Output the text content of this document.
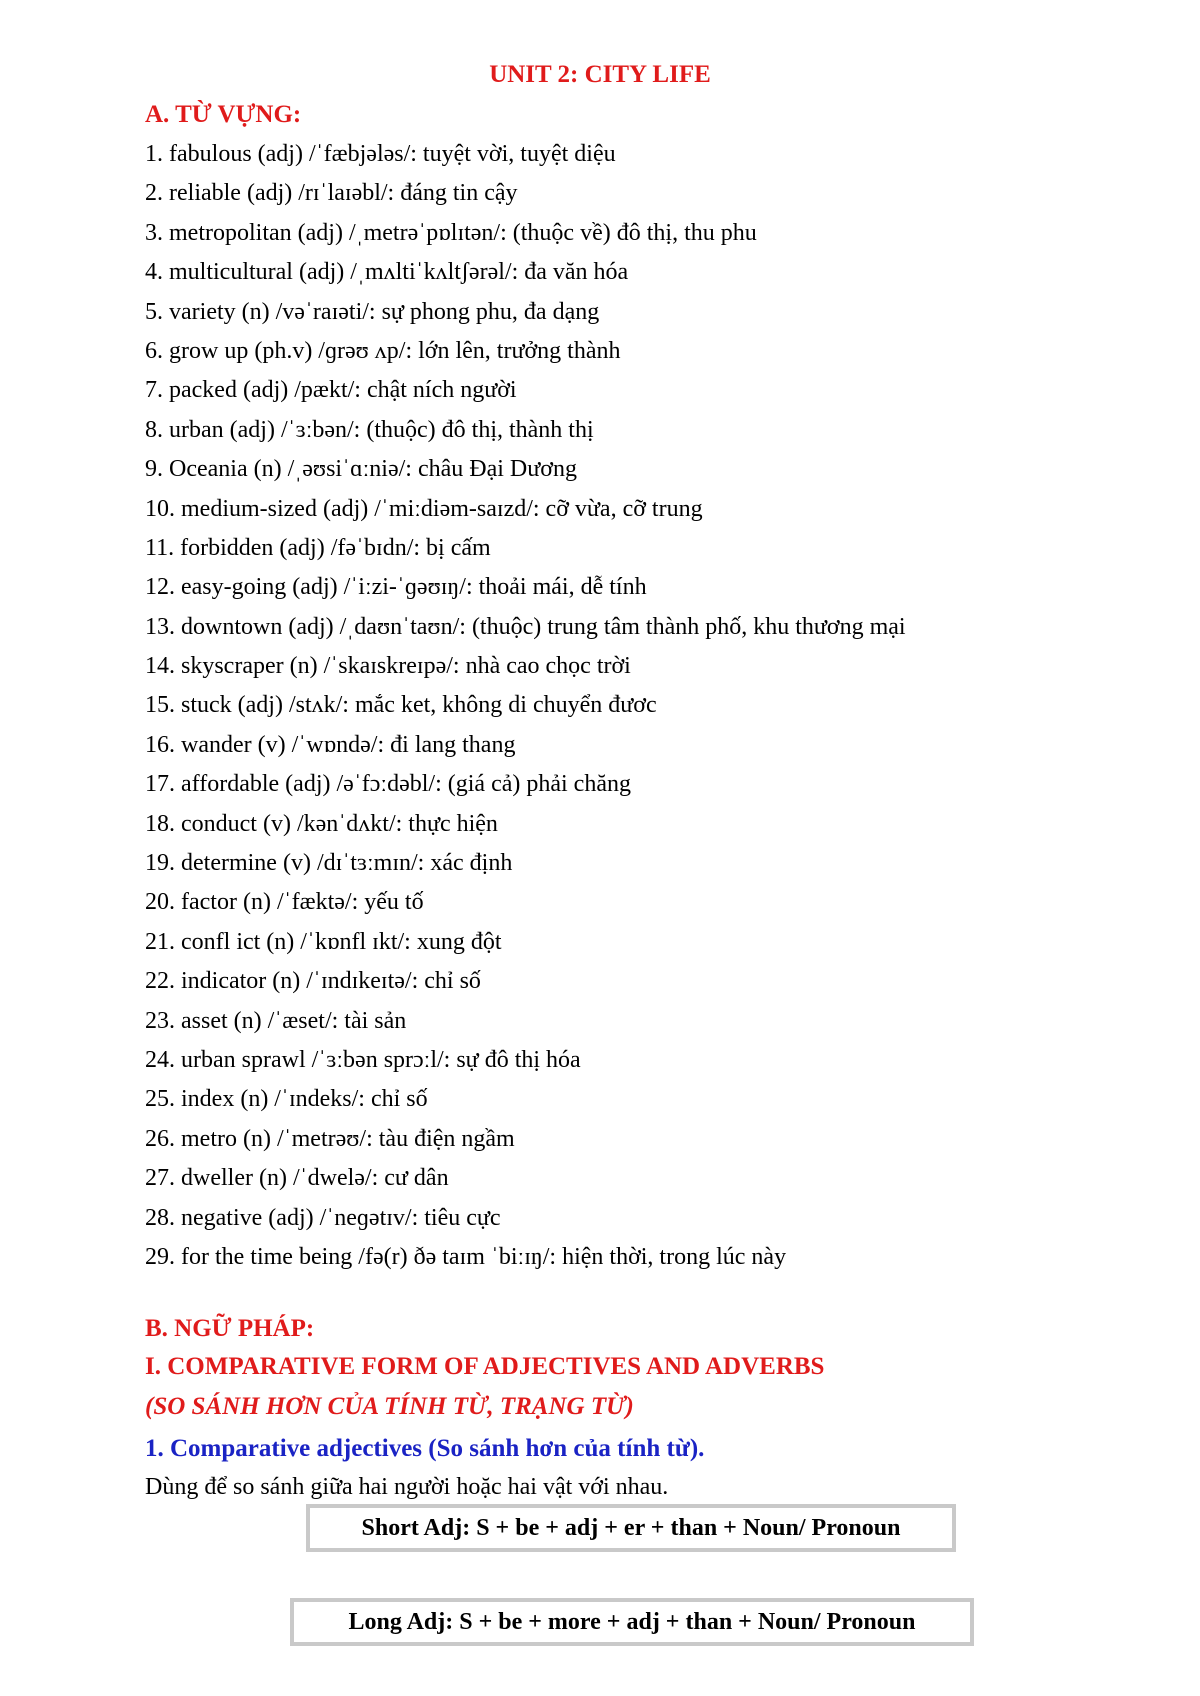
UNIT 2: CITY LIFE
A. TỪ VỰNG:
1. fabulous (adj) /ˈfæbjələs/: tuyệt vời, tuyệt diệu
2. reliable (adj) /rɪˈlaɪəbl/: đáng tin cậy
3. metropolitan (adj) /ˌmetrəˈpɒlɪtən/: (thuộc về) đô thị, thu phu
4. multicultural (adj) /ˌmʌltiˈkʌltʃərəl/: đa văn hóa
5. variety (n) /vəˈraɪəti/: sự phong phu, đa dạng
6. grow up (ph.v) /ɡrəʊ ʌp/: lớn lên, trưởng thành
7. packed (adj) /pækt/: chật ních người
8. urban (adj) /ˈɜːbən/: (thuộc) đô thị, thành thị
9. Oceania (n) /ˌəʊsiˈɑːniə/: châu Đại Dương
10. medium-sized (adj) /ˈmiːdiəm-saɪzd/: cỡ vừa, cỡ trung
11. forbidden (adj) /fəˈbɪdn/: bị cấm
12. easy-going (adj) /ˈiːzi-ˈɡəʊɪŋ/: thoải mái, dễ tính
13. downtown (adj) /ˌdaʊnˈtaʊn/: (thuộc) trung tâm thành phố, khu thương mại
14. skyscraper (n) /ˈskaɪskreɪpə/: nhà cao chọc trời
15. stuck (adj) /stʌk/: mắc ket, không di chuyển đươc
16. wander (v) /ˈwɒndə/: đi lang thang
17. affordable (adj) /əˈfɔːdəbl/: (giá cả) phải chăng
18. conduct (v) /kənˈdʌkt/: thực hiện
19. determine (v) /dɪˈtɜːmɪn/: xác định
20. factor (n) /ˈfæktə/: yếu tố
21. confl ict (n) /ˈkɒnfl ɪkt/: xung đột
22. indicator (n) /ˈɪndɪkeɪtə/: chỉ số
23. asset (n) /ˈæset/: tài sản
24. urban sprawl /ˈɜːbən sprɔːl/: sự đô thị hóa
25. index (n) /ˈɪndeks/: chỉ số
26. metro (n) /ˈmetrəʊ/: tàu điện ngầm
27. dweller (n) /ˈdwelə/: cư dân
28. negative (adj) /ˈneɡətɪv/: tiêu cực
29. for the time being /fə(r) ðə taɪm ˈbiːɪŋ/: hiện thời, trong lúc này
B. NGỮ PHÁP:
I. COMPARATIVE FORM OF ADJECTIVES AND ADVERBS
(SO SÁNH HƠN CỦA TÍNH TỪ, TRẠNG TỪ)
1. Comparative adjectives (So sánh hơn của tính từ).
Dùng để so sánh giữa hai người hoặc hai vật với nhau.
Short Adj: S + be + adj + er + than + Noun/ Pronoun
Long Adj: S + be + more + adj + than + Noun/ Pronoun
